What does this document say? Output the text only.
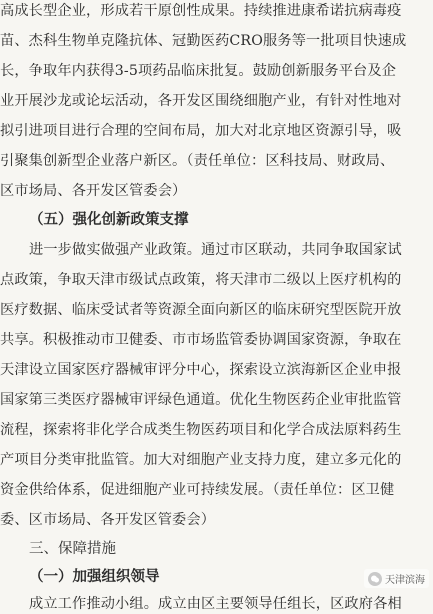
高成长型企业，形成若干原创性成果。持续推进康希诺抗病毒疫
苗、杰科生物单克隆抗体、冠勤医药CRO服务等一批项目快速成
长，争取年内获得3-5项药品临床批复。鼓励创新服务平台及企
业开展沙龙或论坛活动，各开发区围绕细胞产业，有针对性地对
拟引进项目进行合理的空间布局，加大对北京地区资源引导，吸
引聚集创新型企业落户新区。（责任单位：区科技局、财政局、
区市场局、各开发区管委会）
（五）强化创新政策支撑
进一步做实做强产业政策。通过市区联动，共同争取国家试
点政策，争取天津市级试点政策，将天津市二级以上医疗机构的
医疗数据、临床受试者等资源全面向新区的临床研究型医院开放
共享。积极推动市卫健委、市市场监管委协调国家资源，争取在
天津设立国家医疗器械审评分中心，探索设立滨海新区企业申报
国家第三类医疗器械审评绿色通道。优化生物医药企业审批监管
流程，探索将非化学合成类生物医药项目和化学合成法原料药生
产项目分类审批监管。加大对细胞产业支持力度，建立多元化的
资金供给体系，促进细胞产业可持续发展。（责任单位：区卫健
委、区市场局、各开发区管委会）
三、保障措施
（一）加强组织领导
成立工作推动小组。成立由区主要领导任组长，区政府各相
天津滨海
